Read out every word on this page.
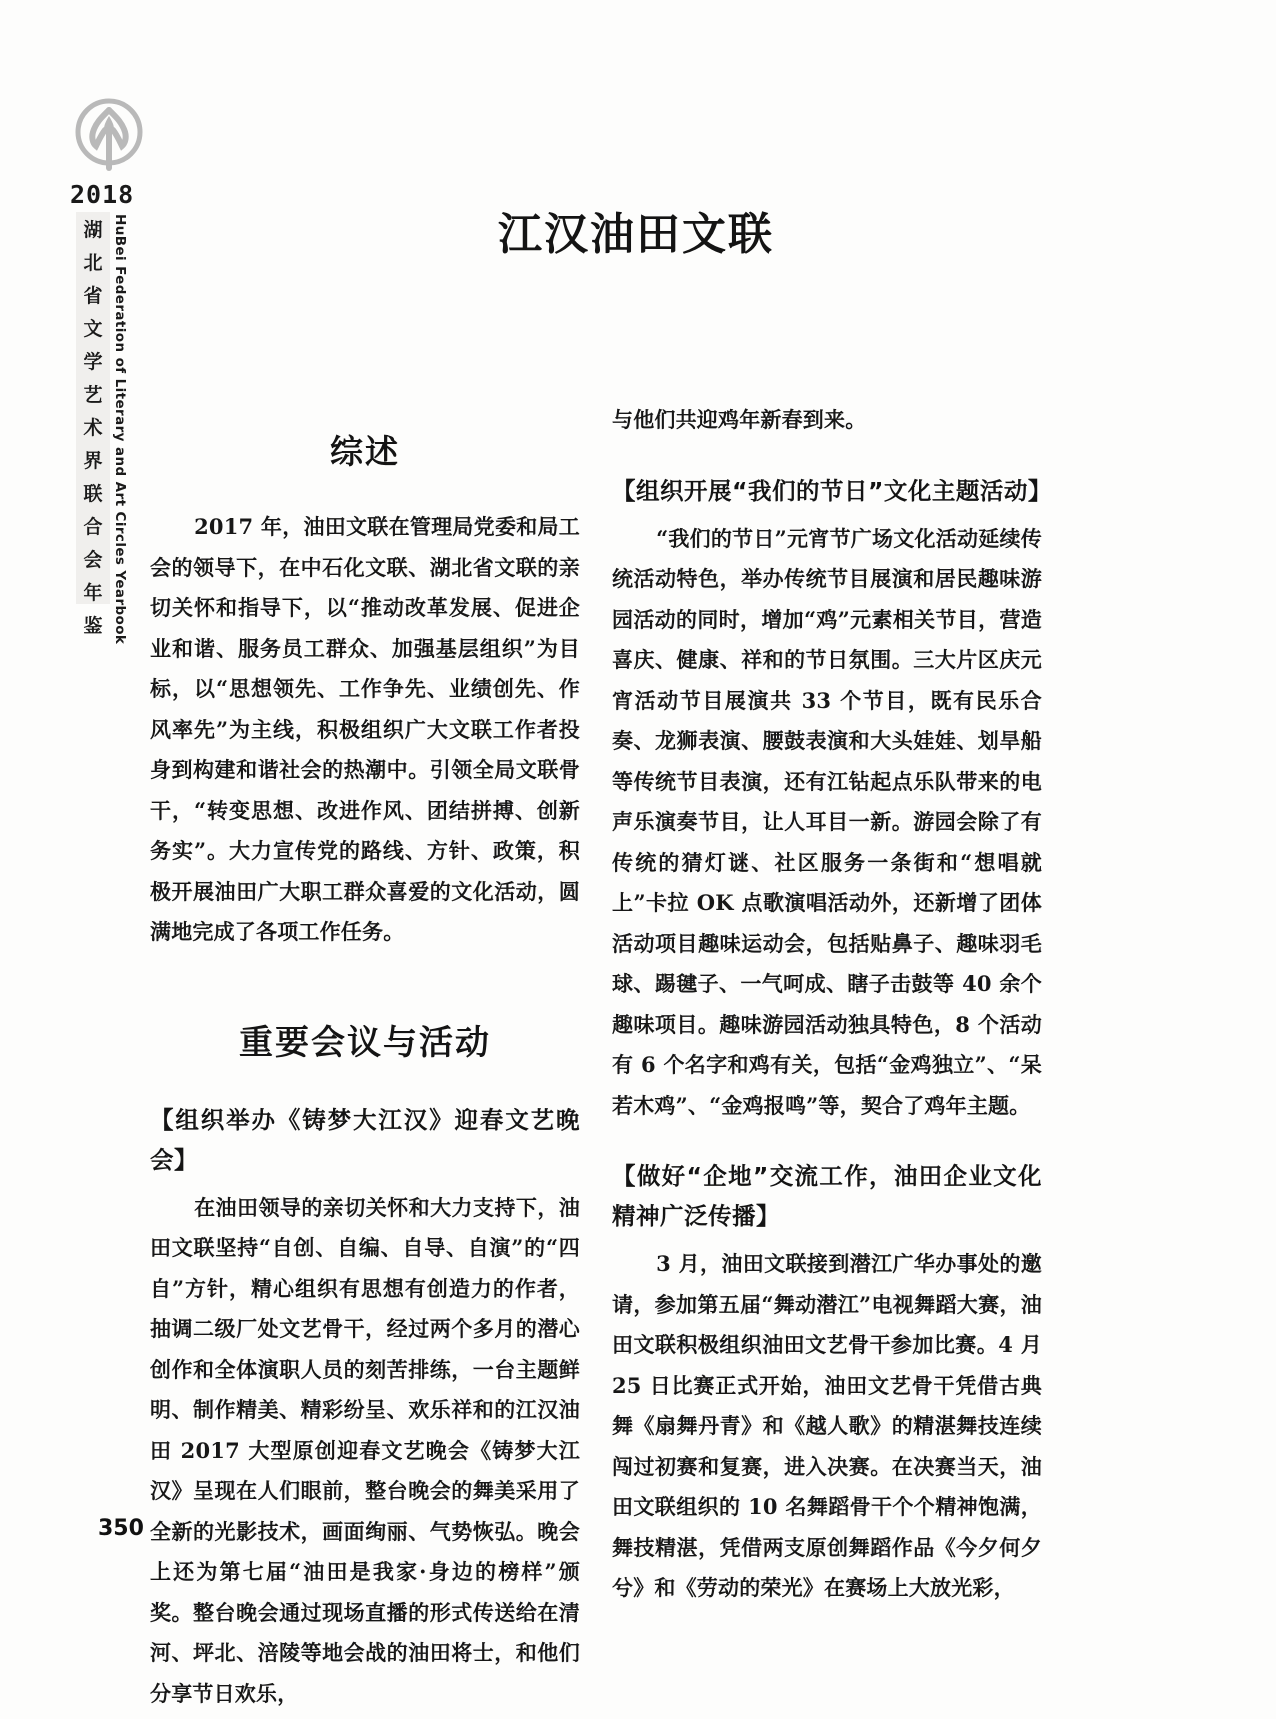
2018
湖北省文学艺术界联合会年鉴 HuBei Federation of Literary and Art Circles Yearbook
350
江汉油田文联
综述

2017 年，油田文联在管理局党委和局工会的领导下，在中石化文联、湖北省文联的亲切关怀和指导下，以“推动改革发展、促进企业和谐、服务员工群众、加强基层组织”为目标，以“思想领先、工作争先、业绩创先、作风率先”为主线，积极组织广大文联工作者投身到构建和谐社会的热潮中。引领全局文联骨干，“转变思想、改进作风、团结拼搏、创新务实”。大力宣传党的路线、方针、政策，积极开展油田广大职工群众喜爱的文化活动，圆满地完成了各项工作任务。

重要会议与活动
【组织举办《铸梦大江汉》迎春文艺晚会】

在油田领导的亲切关怀和大力支持下，油田文联坚持“自创、自编、自导、自演”的“四自”方针，精心组织有思想有创造力的作者，抽调二级厂处文艺骨干，经过两个多月的潜心创作和全体演职人员的刻苦排练，一台主题鲜明、制作精美、精彩纷呈、欢乐祥和的江汉油田 2017 大型原创迎春文艺晚会《铸梦大江汉》呈现在人们眼前，整台晚会的舞美采用了全新的光影技术，画面绚丽、气势恢弘。晚会上还为第七届“油田是我家·身边的榜样”颁奖。整台晚会通过现场直播的形式传送给在清河、坪北、涪陵等地会战的油田将士，和他们分享节日欢乐，

与他们共迎鸡年新春到来。

【组织开展“我们的节日”文化主题活动】

“我们的节日”元宵节广场文化活动延续传统活动特色，举办传统节目展演和居民趣味游园活动的同时，增加“鸡”元素相关节目，营造喜庆、健康、祥和的节日氛围。三大片区庆元宵活动节目展演共 33 个节目，既有民乐合奏、龙狮表演、腰鼓表演和大头娃娃、划旱船等传统节目表演，还有江钻起点乐队带来的电声乐演奏节目，让人耳目一新。游园会除了有传统的猜灯谜、社区服务一条街和“想唱就上”卡拉 OK 点歌演唱活动外，还新增了团体活动项目趣味运动会，包括贴鼻子、趣味羽毛球、踢毽子、一气呵成、瞎子击鼓等 40 余个趣味项目。趣味游园活动独具特色，8 个活动有 6 个名字和鸡有关，包括“金鸡独立”、“呆若木鸡”、“金鸡报鸣”等，契合了鸡年主题。

【做好“企地”交流工作，油田企业文化精神广泛传播】

3 月，油田文联接到潜江广华办事处的邀请，参加第五届“舞动潜江”电视舞蹈大赛，油田文联积极组织油田文艺骨干参加比赛。4 月 25 日比赛正式开始，油田文艺骨干凭借古典舞《扇舞丹青》和《越人歌》的精湛舞技连续闯过初赛和复赛，进入决赛。在决赛当天，油田文联组织的 10 名舞蹈骨干个个精神饱满，舞技精湛，凭借两支原创舞蹈作品《今夕何夕兮》和《劳动的荣光》在赛场上大放光彩，
